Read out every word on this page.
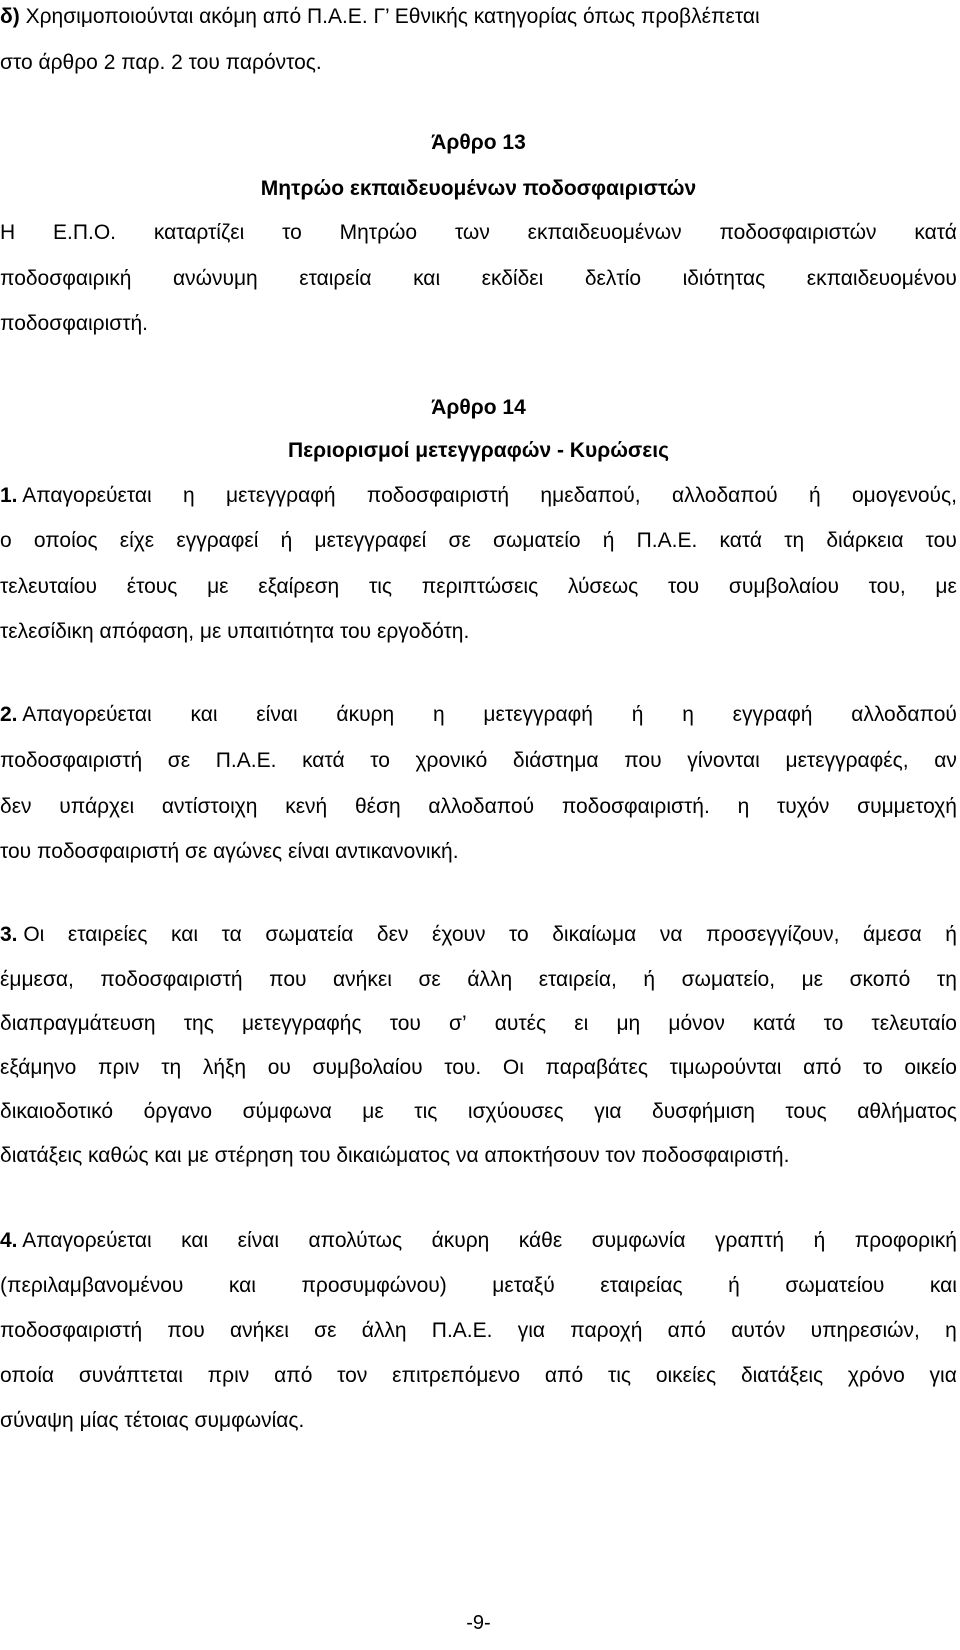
δ) Χρησιμοποιούνται ακόμη από Π.Α.Ε. Γ’ Εθνικής κατηγορίας όπως προβλέπεται
στο άρθρο 2 παρ. 2 του παρόντος.
Άρθρο 13
Μητρώο εκπαιδευομένων ποδοσφαιριστών
Η Ε.Π.Ο. καταρτίζει το Μητρώο των εκπαιδευομένων ποδοσφαιριστών κατά
ποδοσφαιρική ανώνυμη εταιρεία και εκδίδει δελτίο ιδιότητας εκπαιδευομένου
ποδοσφαιριστή.
Άρθρο 14
Περιορισμοί μετεγγραφών - Κυρώσεις
1. Απαγορεύεται η μετεγγραφή ποδοσφαιριστή ημεδαπού, αλλοδαπού ή ομογενούς,
ο οποίος είχε εγγραφεί ή μετεγγραφεί σε σωματείο ή Π.Α.Ε. κατά τη διάρκεια του
τελευταίου έτους με εξαίρεση τις περιπτώσεις λύσεως του συμβολαίου του, με
τελεσίδικη απόφαση, με υπαιτιότητα του εργοδότη.
2. Απαγορεύεται και είναι άκυρη η μετεγγραφή ή η εγγραφή αλλοδαπού
ποδοσφαιριστή σε Π.Α.Ε. κατά το χρονικό διάστημα που γίνονται μετεγγραφές, αν
δεν υπάρχει αντίστοιχη κενή θέση αλλοδαπού ποδοσφαιριστή. η τυχόν συμμετοχή
του ποδοσφαιριστή σε αγώνες είναι αντικανονική.
3. Οι εταιρείες και τα σωματεία δεν έχουν το δικαίωμα να προσεγγίζουν, άμεσα ή
έμμεσα, ποδοσφαιριστή που ανήκει σε άλλη εταιρεία, ή σωματείο, με σκοπό τη
διαπραγμάτευση της μετεγγραφής του σ’ αυτές ει μη μόνον κατά το τελευταίο
εξάμηνο πριν τη λήξη ου συμβολαίου του. Οι παραβάτες τιμωρούνται από το οικείο
δικαιοδοτικό όργανο σύμφωνα με τις ισχύουσες για δυσφήμιση τους αθλήματος
διατάξεις καθώς και με στέρηση του δικαιώματος να αποκτήσουν τον ποδοσφαιριστή.
4. Απαγορεύεται και είναι απολύτως άκυρη κάθε συμφωνία γραπτή ή προφορική
(περιλαμβανομένου και προσυμφώνου) μεταξύ εταιρείας ή σωματείου και
ποδοσφαιριστή που ανήκει σε άλλη Π.Α.Ε. για παροχή από αυτόν υπηρεσιών, η
οποία συνάπτεται πριν από τον επιτρεπόμενο από τις οικείες διατάξεις χρόνο για
σύναψη μίας τέτοιας συμφωνίας.
-9-
